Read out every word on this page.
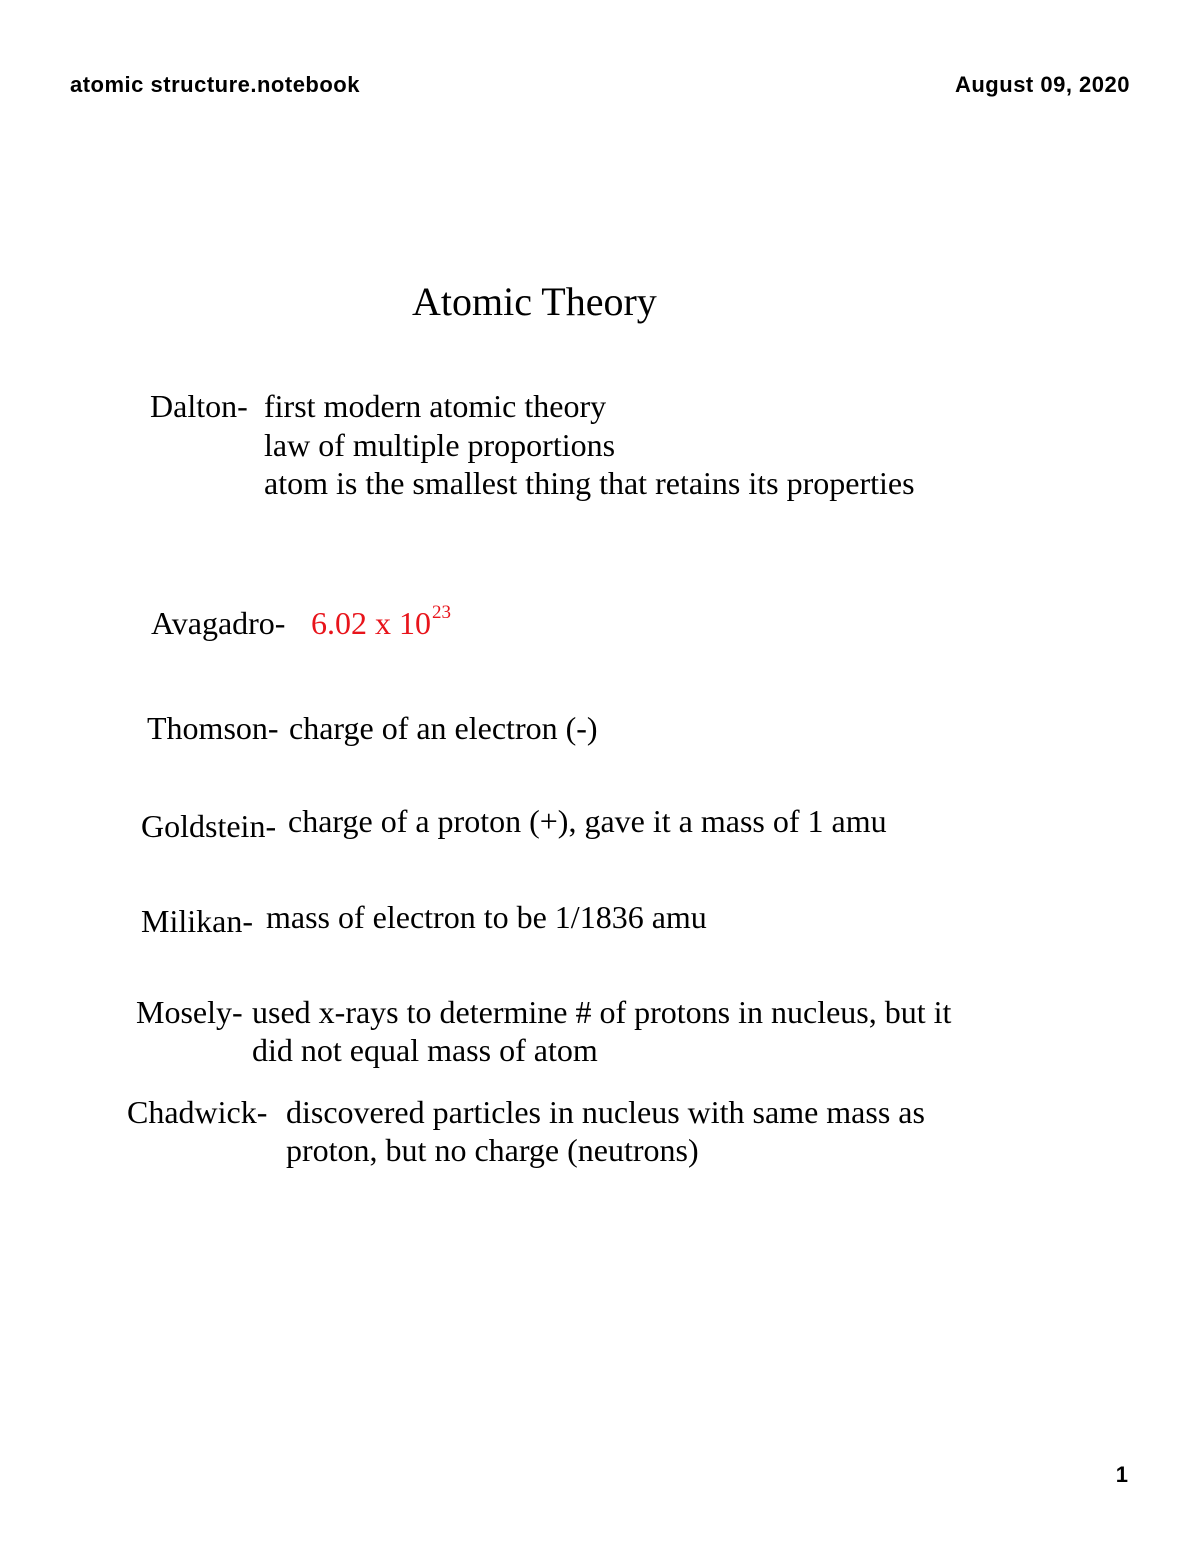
atomic structure.notebook	August 09, 2020
Atomic Theory
Dalton- first modern atomic theory
law of multiple proportions
atom is the smallest thing that retains its properties
Avagadro- 6.02 x $10^{23}$
Thomson- charge of an electron (-)
Goldstein- charge of a proton (+), gave it a mass of 1 amu
Milikan- mass of electron to be 1/1836 amu
Mosely- used x-rays to determine # of protons in nucleus, but it
did not equal mass of atom
Chadwick- discovered particles in nucleus with same mass as
proton, but no charge (neutrons)
1
